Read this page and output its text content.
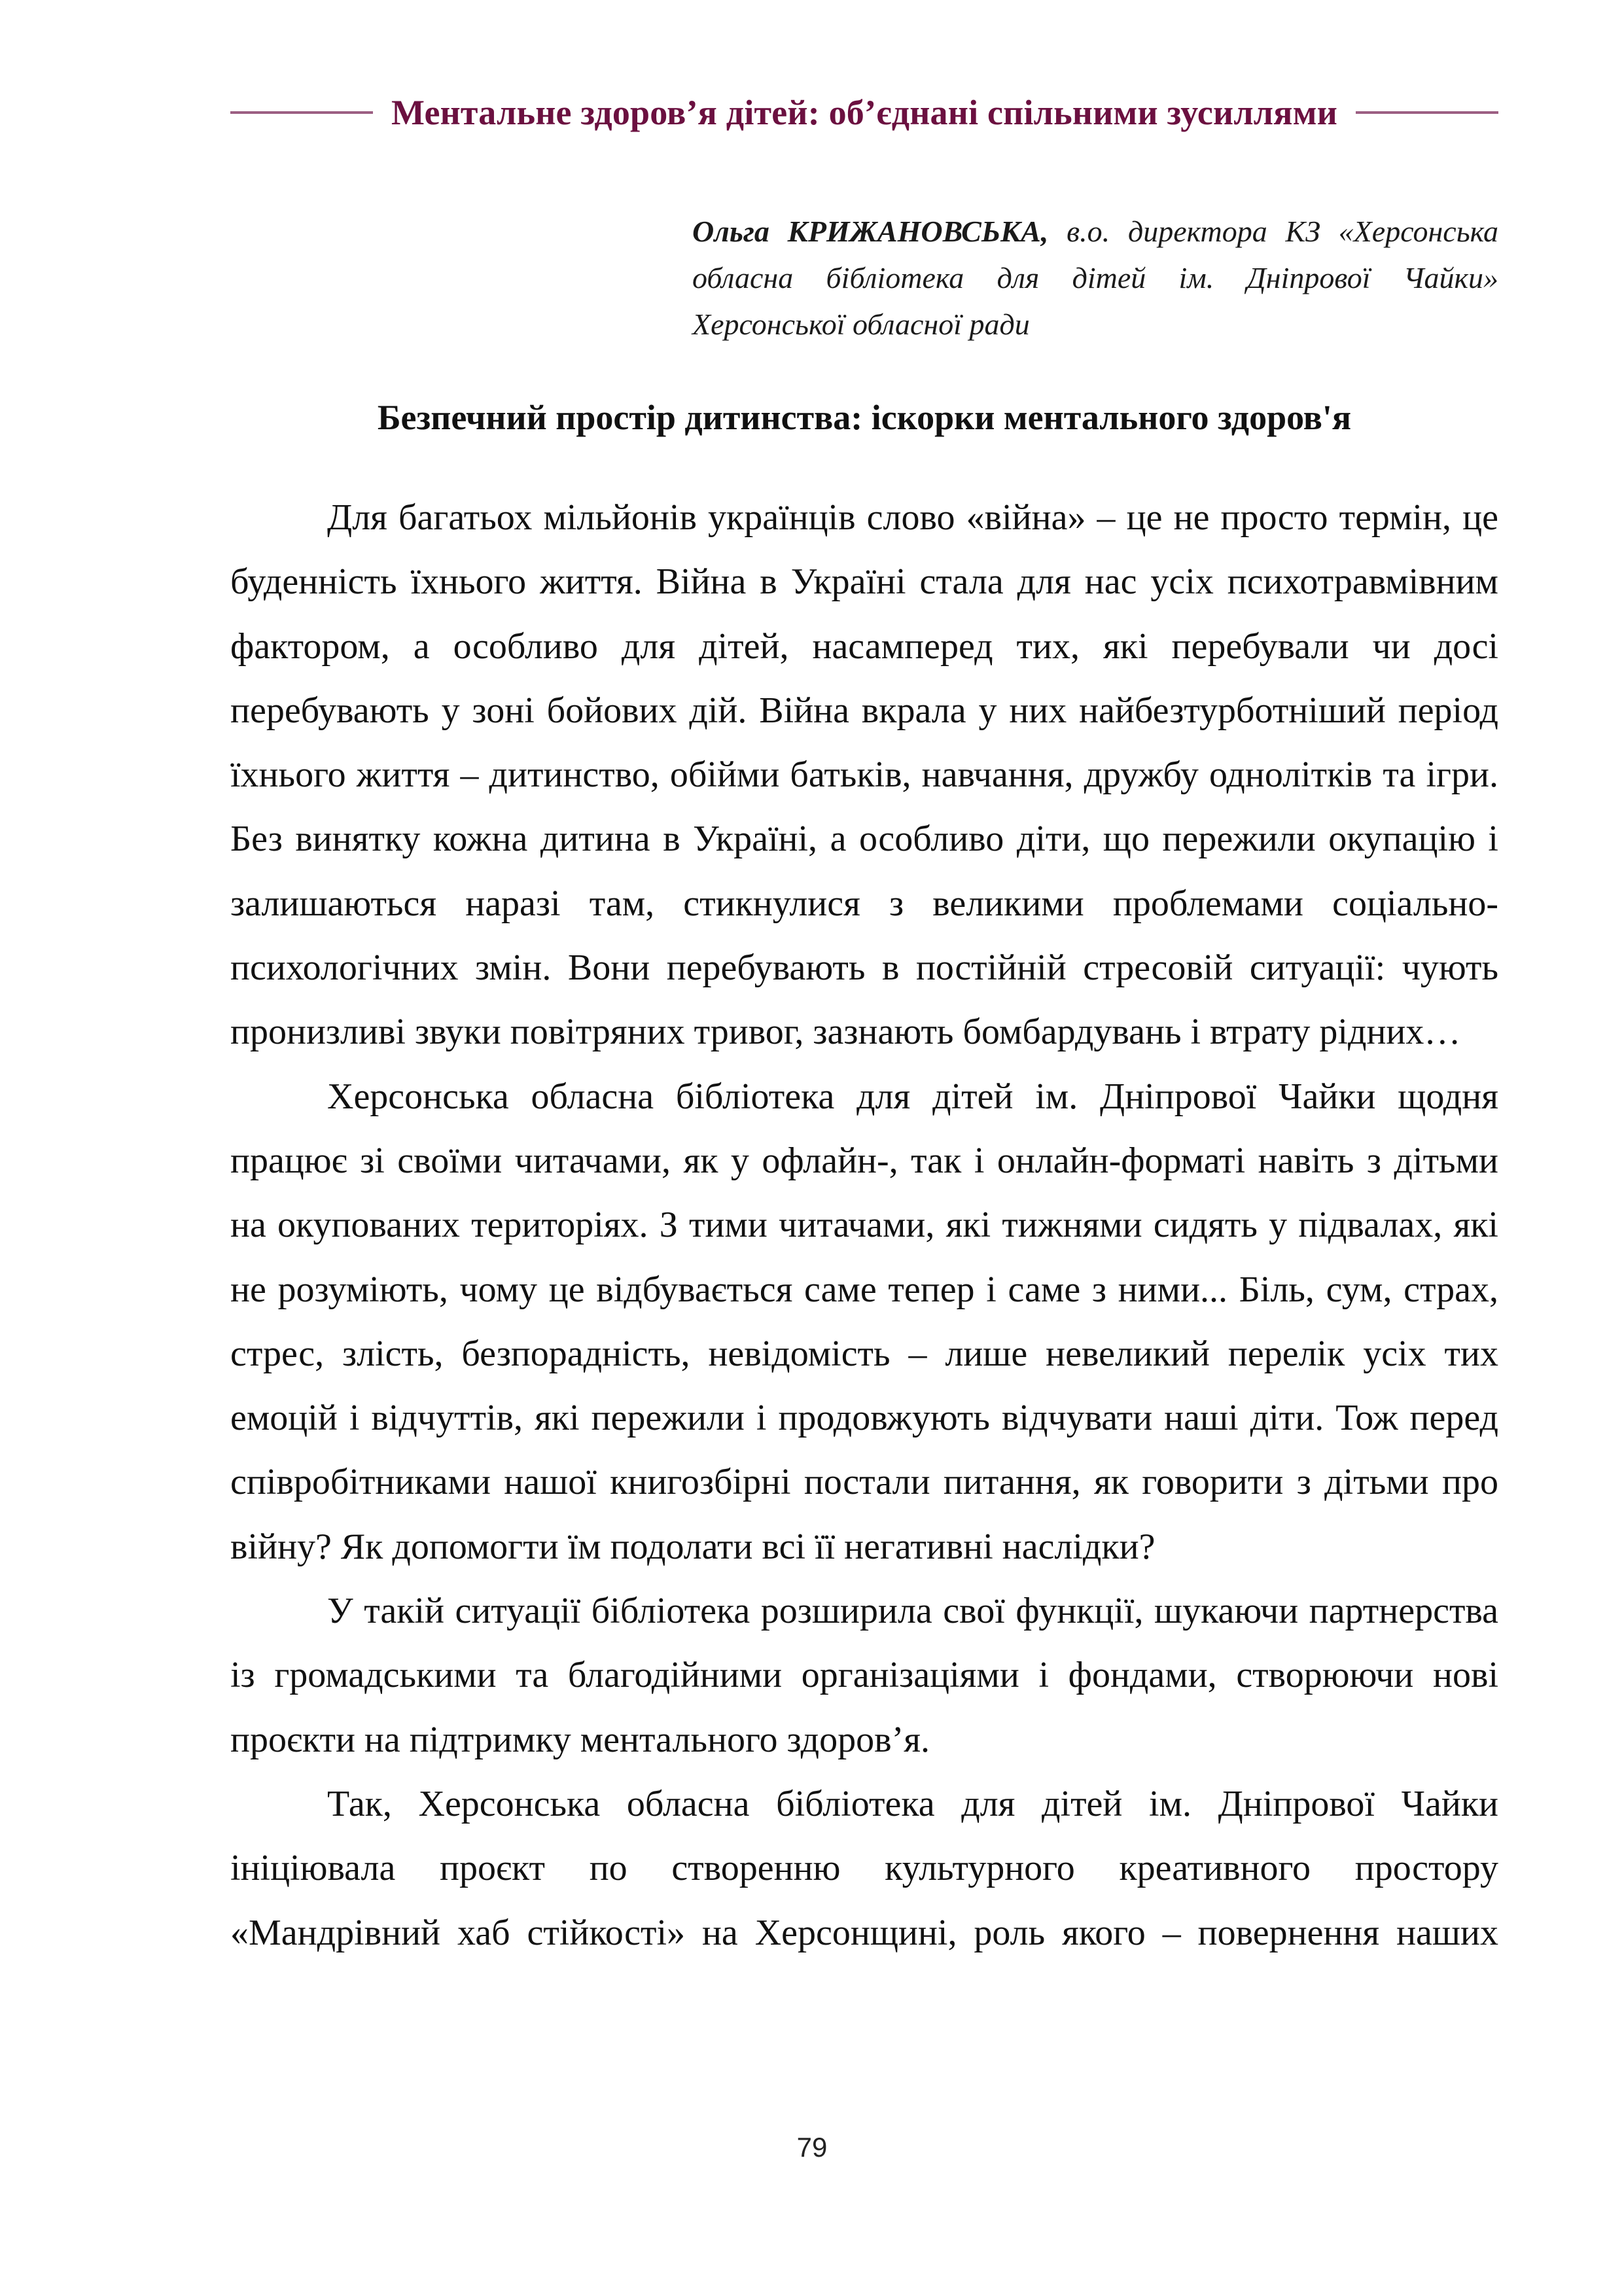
Ментальне здоров’я дітей: об’єднані спільними зусиллями
Ольга КРИЖАНОВСЬКА, в.о. директора КЗ «Херсонська обласна бібліотека для дітей ім. Дніпрової Чайки» Херсонської обласної ради
Безпечний простір дитинства: іскорки ментального здоров'я

Для багатьох мільйонів українців слово «війна» – це не просто термін, це буденність їхнього життя. Війна в Україні стала для нас усіх психотравмівним фактором, а особливо для дітей, насамперед тих, які перебували чи досі перебувають у зоні бойових дій. Війна вкрала у них найбезтурботніший період їхнього життя – дитинство, обійми батьків, навчання, дружбу однолітків та ігри. Без винятку кожна дитина в Україні, а особливо діти, що пережили окупацію і залишаються наразі там, стикнулися з великими проблемами соціально-психологічних змін. Вони перебувають в постійній стресовій ситуації: чують пронизливі звуки повітряних тривог, зазнають бомбардувань і втрату рідних…

Херсонська обласна бібліотека для дітей ім. Дніпрової Чайки щодня працює зі своїми читачами, як у офлайн-, так і онлайн-форматі навіть з дітьми на окупованих територіях. З тими читачами, які тижнями сидять у підвалах, які не розуміють, чому це відбувається саме тепер і саме з ними... Біль, сум, страх, стрес, злість, безпорадність, невідомість – лише невеликий перелік усіх тих емоцій і відчуттів, які пережили і продовжують відчувати наші діти. Тож перед співробітниками нашої книгозбірні постали питання, як говорити з дітьми про війну? Як допомогти їм подолати всі її негативні наслідки?

У такій ситуації бібліотека розширила свої функції, шукаючи партнерства із громадськими та благодійними організаціями і фондами, створюючи нові проєкти на підтримку ментального здоров’я.

Так, Херсонська обласна бібліотека для дітей ім. Дніпрової Чайки ініціювала проєкт по створенню культурного креативного простору «Мандрівний хаб стійкості» на Херсонщині, роль якого – повернення наших

79
